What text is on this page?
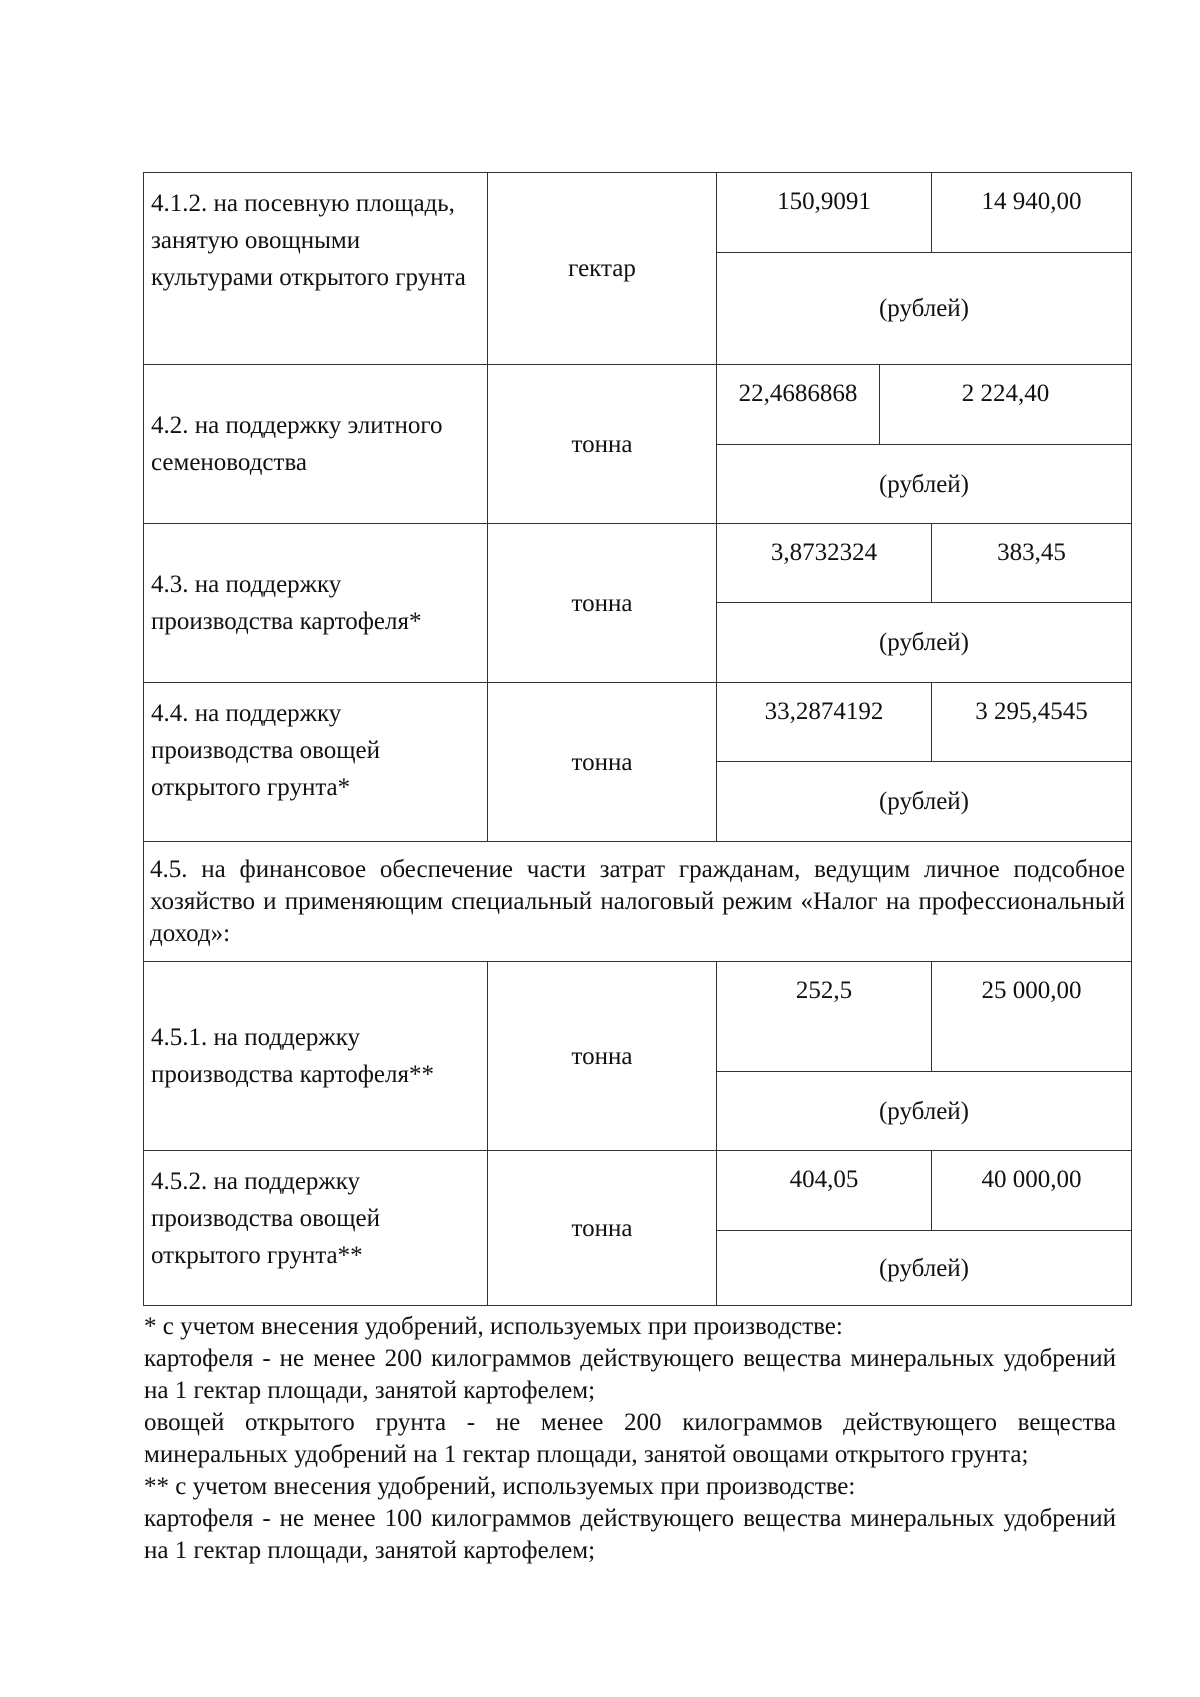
4.1.2. на посевную площадь, занятую овощными культурами открытого грунта	гектар	150,9091		14 940,00
		(рублей)		
4.2. на поддержку элитного семеноводства	тонна	22,4686868	2 224,40	
		(рублей)		
4.3. на поддержку производства картофеля*	тонна	3,8732324		383,45
		(рублей)		
4.4. на поддержку производства овощей открытого грунта*	тонна	33,2874192		3 295,4545
		(рублей)		
4.5. на финансовое обеспечение части затрат гражданам, ведущим личное подсобное хозяйство и применяющим специальный налоговый режим «Налог на профессиональный доход»:				
4.5.1. на поддержку производства картофеля**	тонна	252,5		25 000,00
		(рублей)		
4.5.2. на поддержку производства овощей открытого грунта**	тонна	404,05		40 000,00
		(рублей)		

* с учетом внесения удобрений, используемых при производстве:

картофеля - не менее 200 килограммов действующего вещества минеральных удобрений на 1 гектар площади, занятой картофелем;

овощей открытого грунта - не менее 200 килограммов действующего вещества минеральных удобрений на 1 гектар площади, занятой овощами открытого грунта;

** с учетом внесения удобрений, используемых при производстве:

картофеля - не менее 100 килограммов действующего вещества минеральных удобрений на 1 гектар площади, занятой картофелем;
